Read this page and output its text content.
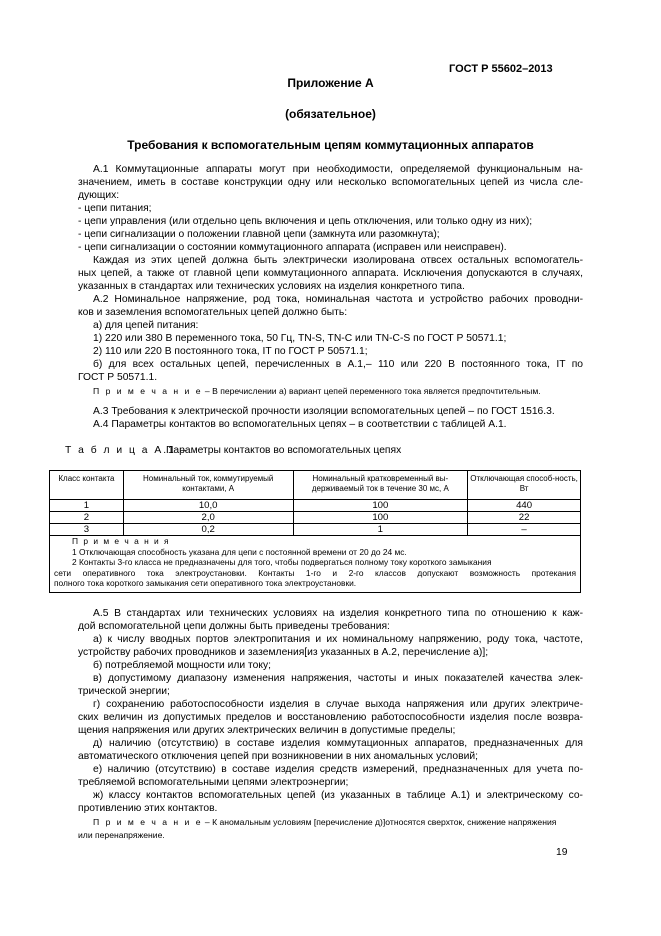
ГОСТ Р 55602–2013
Приложение А
(обязательное)
Требования к вспомогательным цепям коммутационных аппаратов
А.1 Коммутационные аппараты могут при необходимости, определяемой функциональным на-
значением, иметь в составе конструкции одну или несколько вспомогательных цепей из числа сле-
дующих:
- цепи питания;
- цепи управления (или отдельно цепь включения и цепь отключения, или только одну из них);
- цепи сигнализации о положении главной цепи (замкнута или разомкнута);
- цепи сигнализации о состоянии коммутационного аппарата (исправен или неисправен).
Каждая из этих цепей должна быть электрически изолирована отвсех остальных вспомогатель-
ных цепей, а также от главной цепи коммутационного аппарата. Исключения допускаются в случаях,
указанных в стандартах или технических условиях на изделия конкретного типа.
А.2 Номинальное напряжение, род тока, номинальная частота и устройство рабочих проводни-
ков и заземления вспомогательных цепей должно быть:
а) для цепей питания:
1) 220 или 380 В переменного тока, 50 Гц, TN-S, TN-C или TN-C-S по ГОСТ Р 50571.1;
2) 110 или 220 В постоянного тока, IT по ГОСТ Р 50571.1;
б) для всех остальных цепей, перечисленных в А.1,– 110 или 220 В постоянного тока, IT по
ГОСТ Р 50571.1.
П р и м е ч а н и е – В перечислении а) вариант цепей переменного тока является предпочтительным.
А.3 Требования к электрической прочности изоляции вспомогательных цепей – по ГОСТ 1516.3.
А.4 Параметры контактов во вспомогательных цепях – в соответствии с таблицей А.1.
Т а б л и ц а А.1 –
Параметры контактов во вспомогательных цепях
Класс контакта	Номинальный ток, коммутируемый контактами, А	Номинальный кратковременный вы-держиваемый ток в течение 30 мс, А	Отключающая способ-ность, Вт
1	10,0	100	440
2	2,0	100	22
3	0,2	1	–
П р и м е ч а н и я
1 Отключающая способность указана для цепи с постоянной времени от 20 до 24 мс.
2 Контакты 3-го класса не предназначены для того, чтобы подвергаться полному току короткого замыкания
сети оперативного тока электроустановки. Контакты 1-го и 2-го классов допускают возможность протекания
полного тока короткого замыкания сети оперативного тока электроустановки.			
А.5 В стандартах или технических условиях на изделия конкретного типа по отношению к каж-
дой вспомогательной цепи должны быть приведены требования:
а) к числу вводных портов электропитания и их номинальному напряжению, роду тока, частоте,
устройству рабочих проводников и заземления[из указанных в А.2, перечисление а)];
б) потребляемой мощности или току;
в) допустимому диапазону изменения напряжения, частоты и иных показателей качества элек-
трической энергии;
г) сохранению работоспособности изделия в случае выхода напряжения или других электриче-
ских величин из допустимых пределов и восстановлению работоспособности изделия после возвра-
щения напряжения или других электрических величин в допустимые пределы;
д) наличию (отсутствию) в составе изделия коммутационных аппаратов, предназначенных для
автоматического отключения цепей при возникновении в них аномальных условий;
е) наличию (отсутствию) в составе изделия средств измерений, предназначенных для учета по-
требляемой вспомогательными цепями электроэнергии;
ж) классу контактов вспомогательных цепей (из указанных в таблице А.1) и электрическому со-
противлению этих контактов.
П р и м е ч а н и е – К аномальным условиям [перечисление д)]относятся сверхток, снижение напряжения
или перенапряжение.
19
